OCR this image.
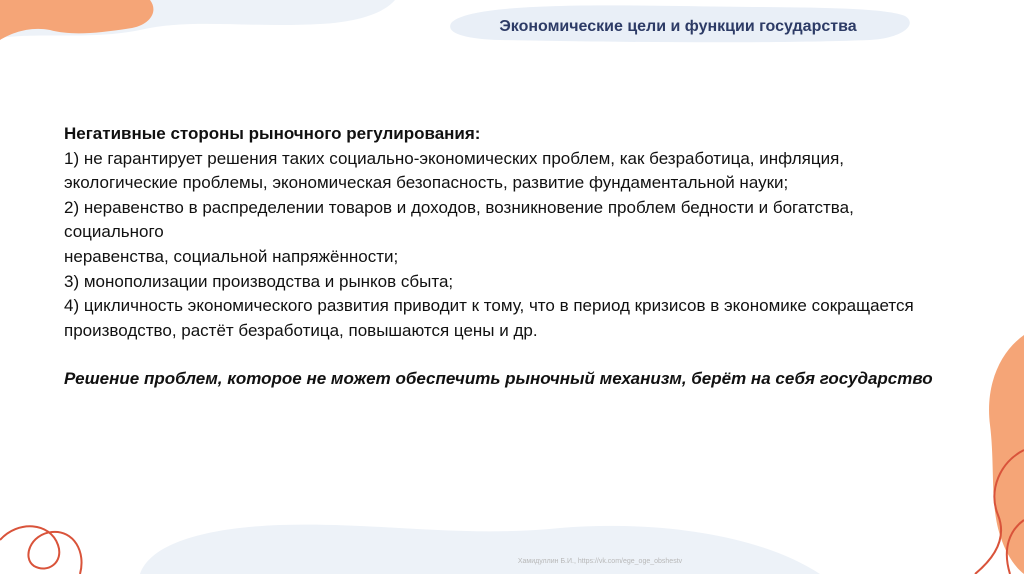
Экономические цели и функции государства

Негативные стороны рыночного регулирования:

1) не гарантирует решения таких социально-экономических проблем, как безработица, инфляция, экологические проблемы, экономическая безопасность, развитие фундаментальной науки;

2) неравенство в распределении товаров и доходов, возникновение проблем бедности и богатства, социального

неравенства, социальной напряжённости;

3) монополизации производства и рынков сбыта;

4) цикличность экономического развития приводит к тому, что в период кризисов в экономике сокращается производство, растёт безработица, повышаются цены и др.

Решение проблем, которое не может обеспечить рыночный механизм, берёт на себя государство

Хамидуллин Б.И., https://vk.com/ege_oge_obshestv
